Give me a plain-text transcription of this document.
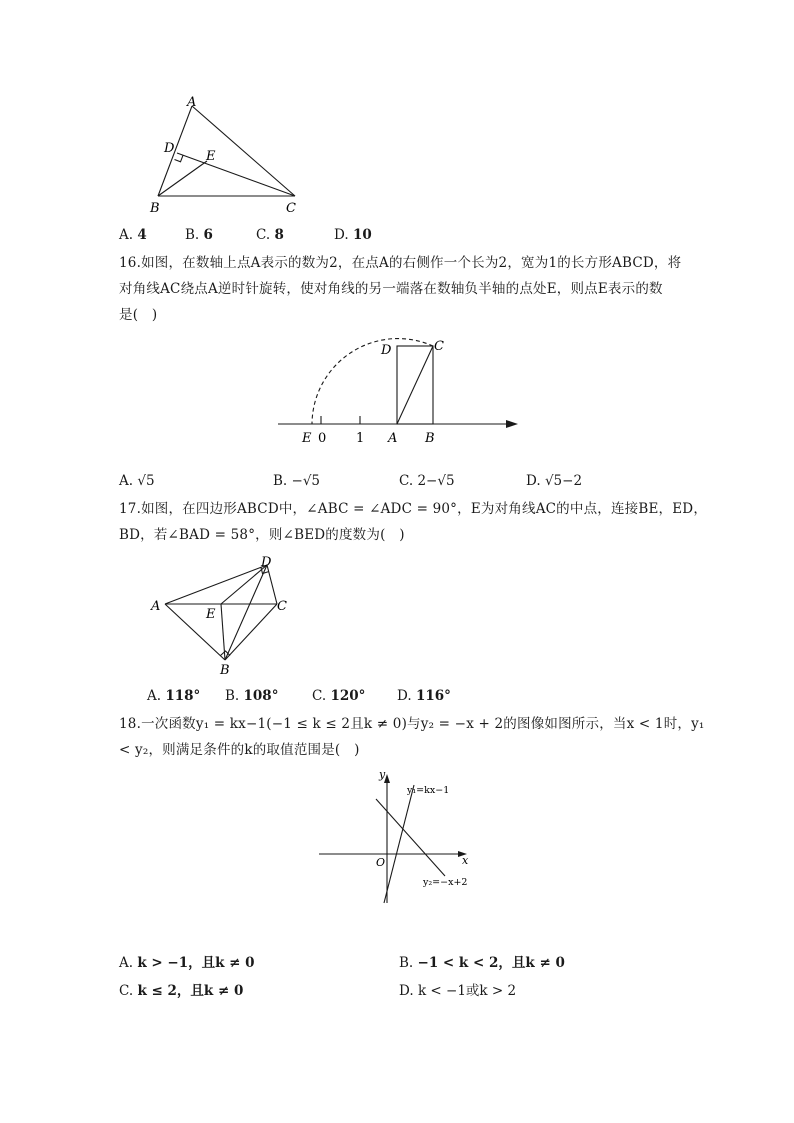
A
D
E
B	C
A. 4	B. 6	C. 8	D. 10
16.如图，在数轴上点A表示的数为2，在点A的右侧作一个长为2，宽为1的长方形ABCD，将
对角线AC绕点A逆时针旋转，使对角线的另一端落在数轴负半轴的点处E，则点E表示的数
是(　)
D	C
E 0 1 A B
A. √5	B. −√5	C. 2−√5	D. √5−2
17.如图，在四边形ABCD中，∠ABC = ∠ADC = 90°，E为对角线AC的中点，连接BE，ED，
BD，若∠BAD = 58°，则∠BED的度数为(　)
A
D
C
E
B
A. 118° B. 108° C. 120° D. 116°
18.一次函数y₁ = kx−1(−1 ≤ k ≤ 2且k ≠ 0)与y₂ = −x + 2的图像如图所示，当x < 1时，y₁
< y₂，则满足条件的k的取值范围是(　)
y
x
O
y₁=kx−1
y₂=−x+2
A. k > −1，且k ≠ 0	B. −1 < k < 2，且k ≠ 0
C. k ≤ 2，且k ≠ 0	D. k < −1或k > 2
